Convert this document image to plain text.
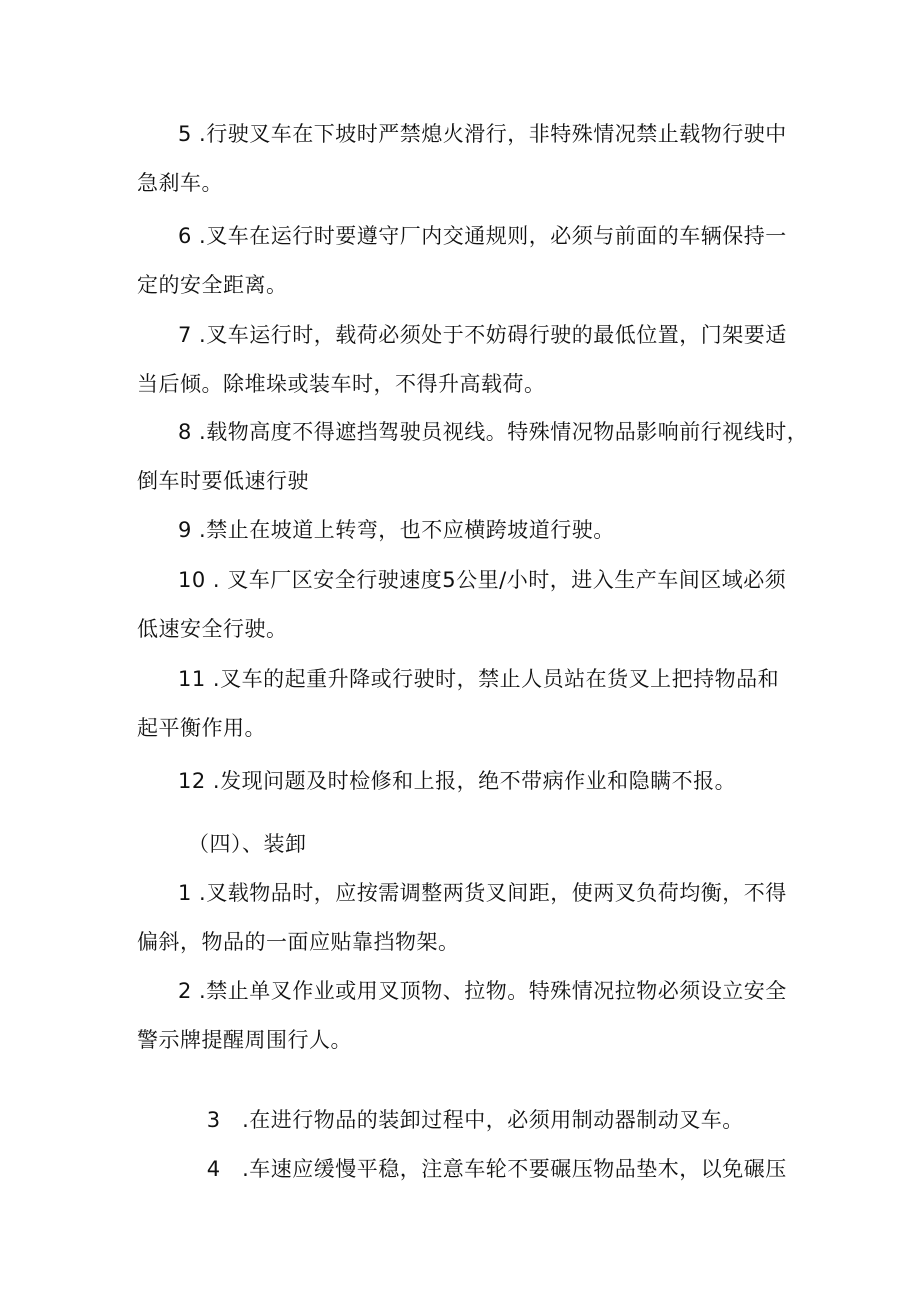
5 .行驶叉车在下坡时严禁熄火滑行，非特殊情况禁止载物行驶中
急刹车。
6 .叉车在运行时要遵守厂内交通规则，必须与前面的车辆保持一
定的安全距离。
7 .叉车运行时，载荷必须处于不妨碍行驶的最低位置，门架要适
当后倾。除堆垛或装车时，不得升高载荷。
8 .载物高度不得遮挡驾驶员视线。特殊情况物品影响前行视线时，
倒车时要低速行驶
9 .禁止在坡道上转弯，也不应横跨坡道行驶。
10 . 叉车厂区安全行驶速度5公里/小时，进入生产车间区域必须
低速安全行驶。
11 .叉车的起重升降或行驶时，禁止人员站在货叉上把持物品和
起平衡作用。
12 .发现问题及时检修和上报，绝不带病作业和隐瞒不报。
（四）、装卸
1 .叉载物品时，应按需调整两货叉间距，使两叉负荷均衡，不得
偏斜，物品的一面应贴靠挡物架。
2 .禁止单叉作业或用叉顶物、拉物。特殊情况拉物必须设立安全
警示牌提醒周围行人。

3   .在进行物品的装卸过程中，必须用制动器制动叉车。

4   .车速应缓慢平稳，注意车轮不要碾压物品垫木，以免碾压
